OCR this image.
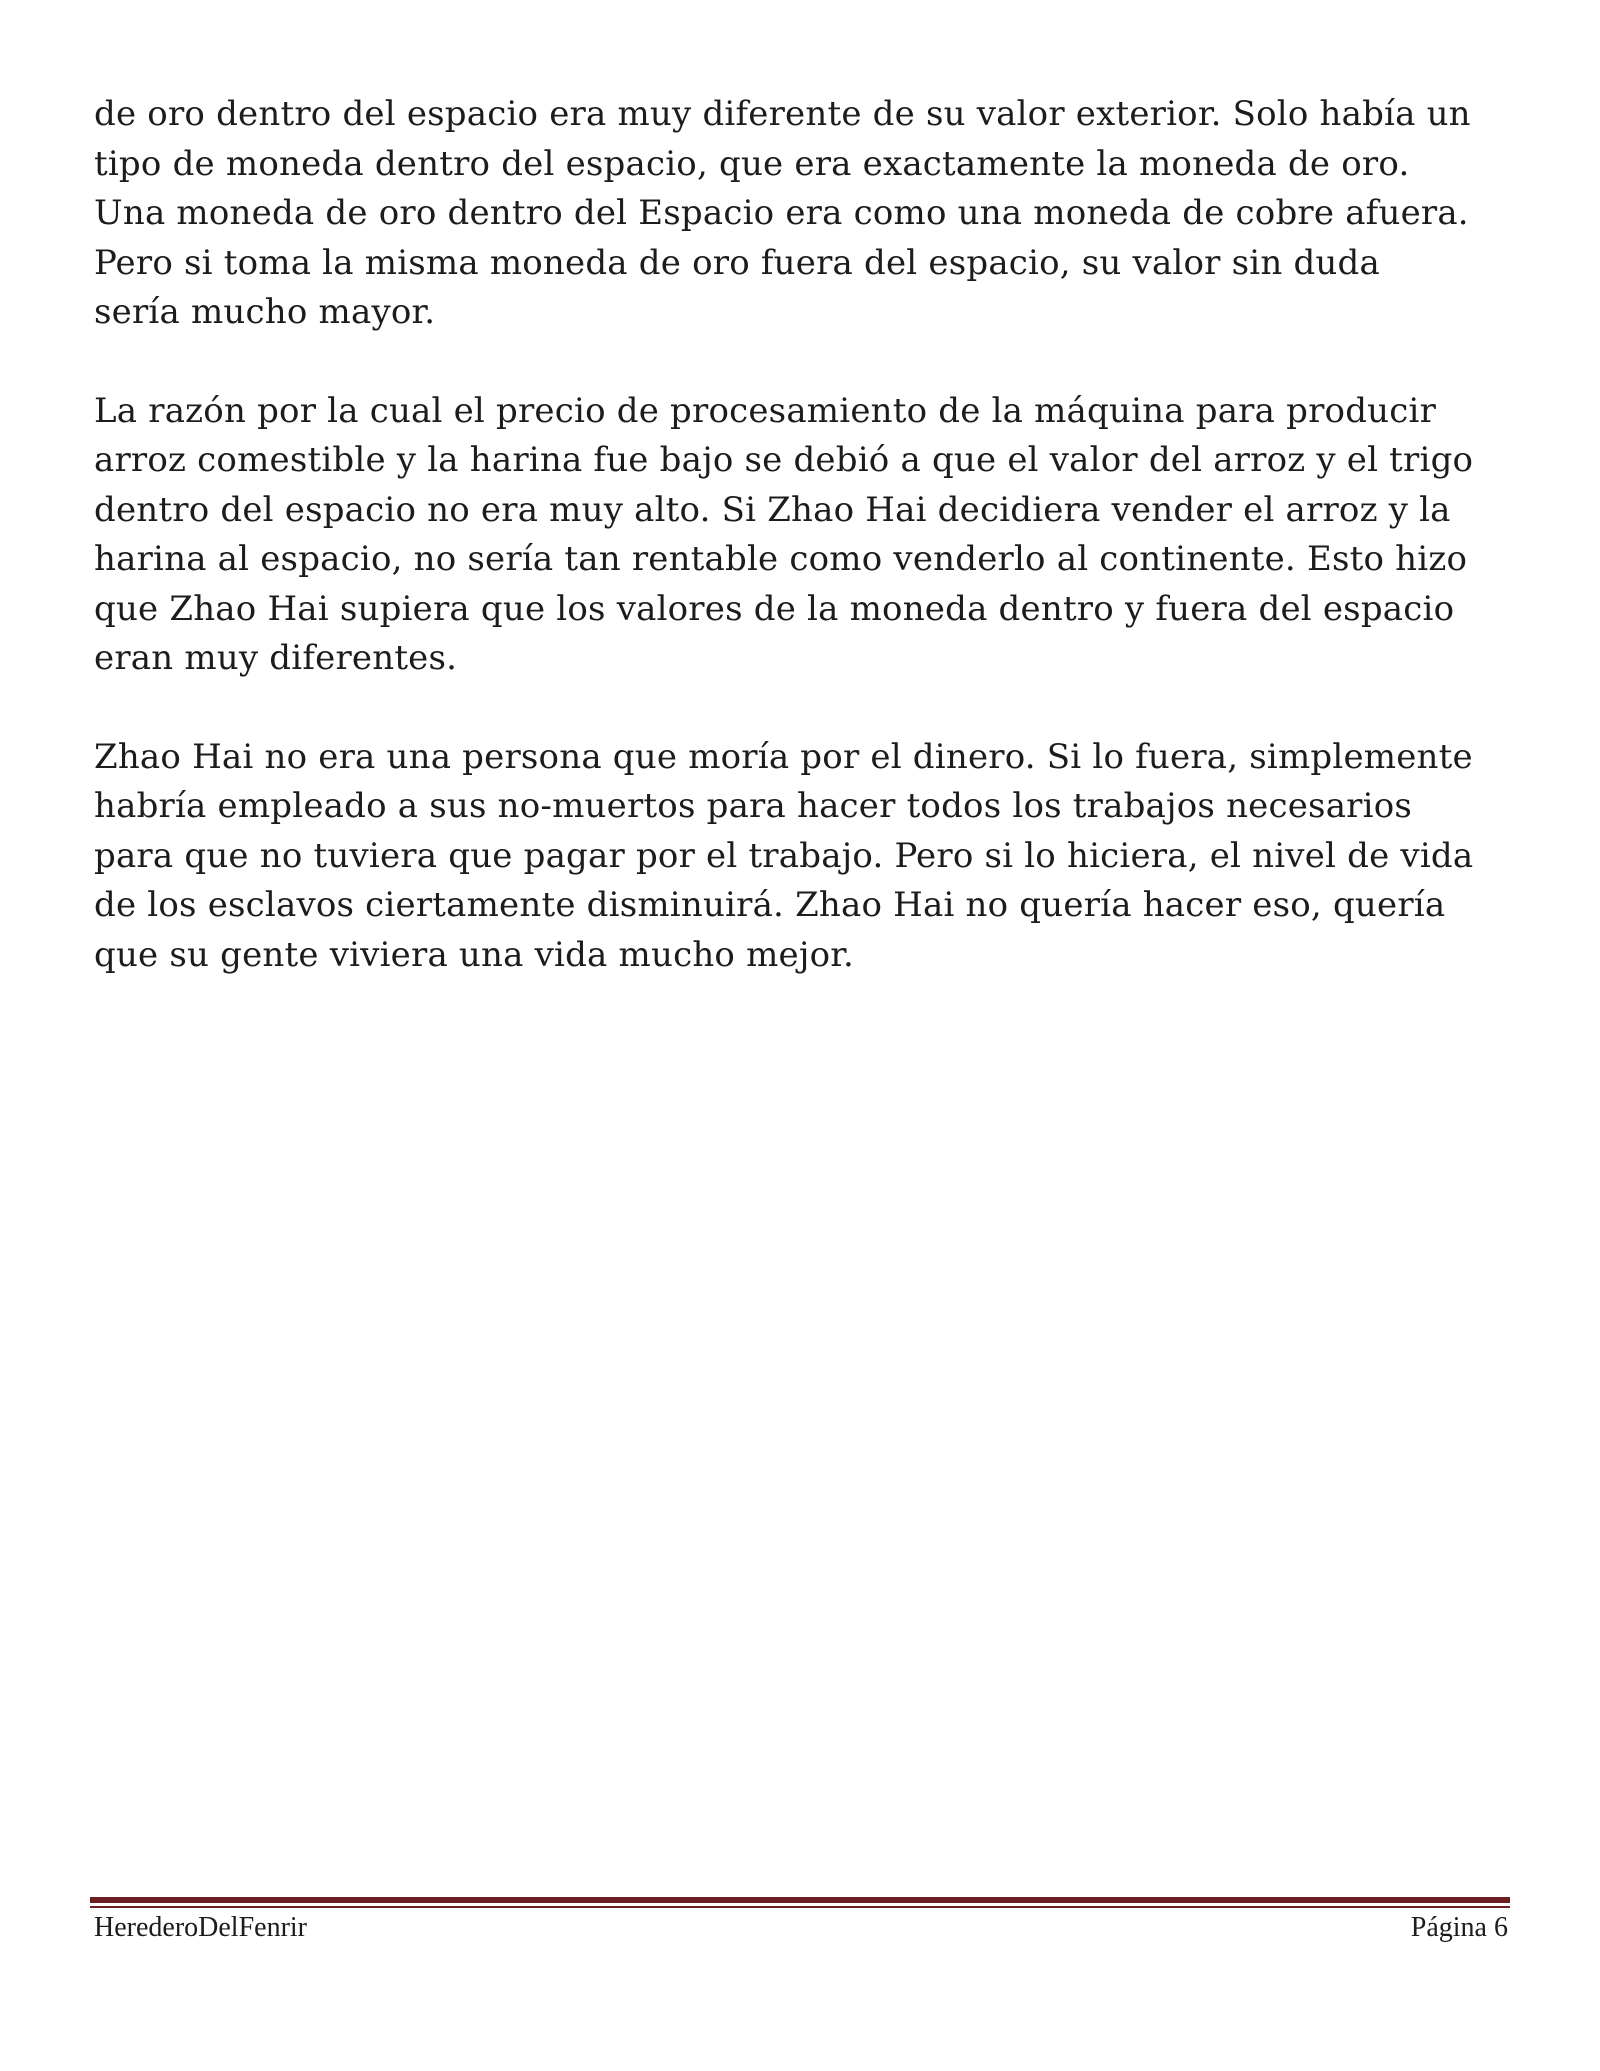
de oro dentro del espacio era muy diferente de su valor exterior. Solo había un
tipo de moneda dentro del espacio, que era exactamente la moneda de oro.
Una moneda de oro dentro del Espacio era como una moneda de cobre afuera.
Pero si toma la misma moneda de oro fuera del espacio, su valor sin duda
sería mucho mayor.

La razón por la cual el precio de procesamiento de la máquina para producir
arroz comestible y la harina fue bajo se debió a que el valor del arroz y el trigo
dentro del espacio no era muy alto. Si Zhao Hai decidiera vender el arroz y la
harina al espacio, no sería tan rentable como venderlo al continente. Esto hizo
que Zhao Hai supiera que los valores de la moneda dentro y fuera del espacio
eran muy diferentes.

Zhao Hai no era una persona que moría por el dinero. Si lo fuera, simplemente
habría empleado a sus no-muertos para hacer todos los trabajos necesarios
para que no tuviera que pagar por el trabajo. Pero si lo hiciera, el nivel de vida
de los esclavos ciertamente disminuirá. Zhao Hai no quería hacer eso, quería
que su gente viviera una vida mucho mejor.

HerederoDelFenrir	Página 6
